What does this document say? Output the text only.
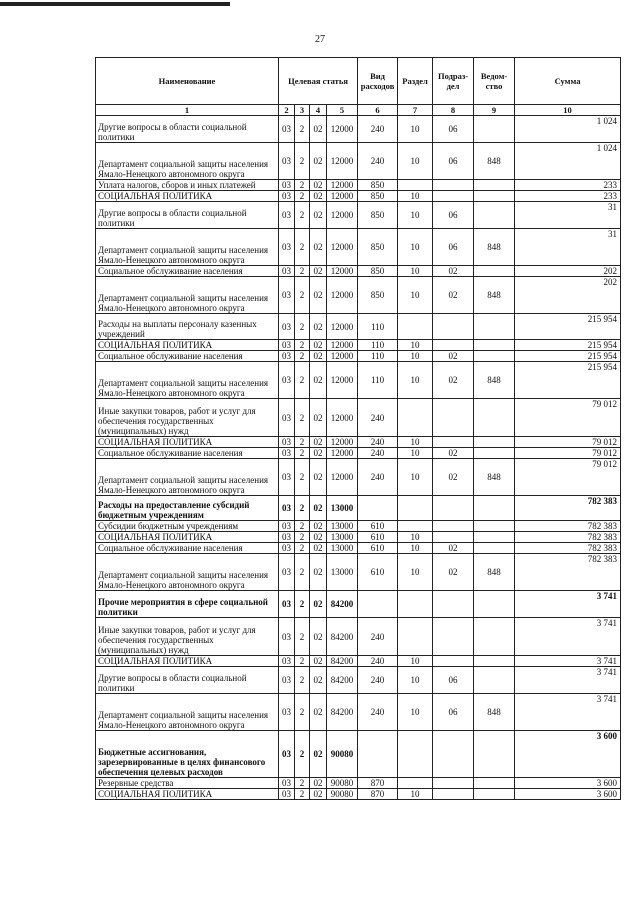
27
Наименование	Целевая статья				Вид расходов	Раздел	Подраз-дел	Ведом-ство	Сумма
1	2	3	4	5	6	7	8	9	10
Другие вопросы в области социальной политики	03	2	02	12000	240	10	06		1 024
Департамент социальной защиты населения Ямало-Ненецкого автономного округа	03	2	02	12000	240	10	06	848	1 024
Уплата налогов, сборов и иных платежей	03	2	02	12000	850				233
СОЦИАЛЬНАЯ ПОЛИТИКА	03	2	02	12000	850	10			233
Другие вопросы в области социальной политики	03	2	02	12000	850	10	06		31
Департамент социальной защиты населения Ямало-Ненецкого автономного округа	03	2	02	12000	850	10	06	848	31
Социальное обслуживание населения	03	2	02	12000	850	10	02		202
Департамент социальной защиты населения Ямало-Ненецкого автономного округа	03	2	02	12000	850	10	02	848	202
Расходы на выплаты персоналу казенных учреждений	03	2	02	12000	110				215 954
СОЦИАЛЬНАЯ ПОЛИТИКА	03	2	02	12000	110	10			215 954
Социальное обслуживание населения	03	2	02	12000	110	10	02		215 954
Департамент социальной защиты населения Ямало-Ненецкого автономного округа	03	2	02	12000	110	10	02	848	215 954
Иные закупки товаров, работ и услуг для обеспечения государственных (муниципальных) нужд	03	2	02	12000	240				79 012
СОЦИАЛЬНАЯ ПОЛИТИКА	03	2	02	12000	240	10			79 012
Социальное обслуживание населения	03	2	02	12000	240	10	02		79 012
Департамент социальной защиты населения Ямало-Ненецкого автономного округа	03	2	02	12000	240	10	02	848	79 012
Расходы на предоставление субсидий бюджетным учреждениям	03	2	02	13000					782 383
Субсидии бюджетным учреждениям	03	2	02	13000	610				782 383
СОЦИАЛЬНАЯ ПОЛИТИКА	03	2	02	13000	610	10			782 383
Социальное обслуживание населения	03	2	02	13000	610	10	02		782 383
Департамент социальной защиты населения Ямало-Ненецкого автономного округа	03	2	02	13000	610	10	02	848	782 383
Прочие мероприятия в сфере социальной политики	03	2	02	84200					3 741
Иные закупки товаров, работ и услуг для обеспечения государственных (муниципальных) нужд	03	2	02	84200	240				3 741
СОЦИАЛЬНАЯ ПОЛИТИКА	03	2	02	84200	240	10			3 741
Другие вопросы в области социальной политики	03	2	02	84200	240	10	06		3 741
Департамент социальной защиты населения Ямало-Ненецкого автономного округа	03	2	02	84200	240	10	06	848	3 741
Бюджетные ассигнования, зарезервированные в целях финансового обеспечения целевых расходов	03	2	02	90080					3 600
Резервные средства	03	2	02	90080	870				3 600
СОЦИАЛЬНАЯ ПОЛИТИКА	03	2	02	90080	870	10			3 600
